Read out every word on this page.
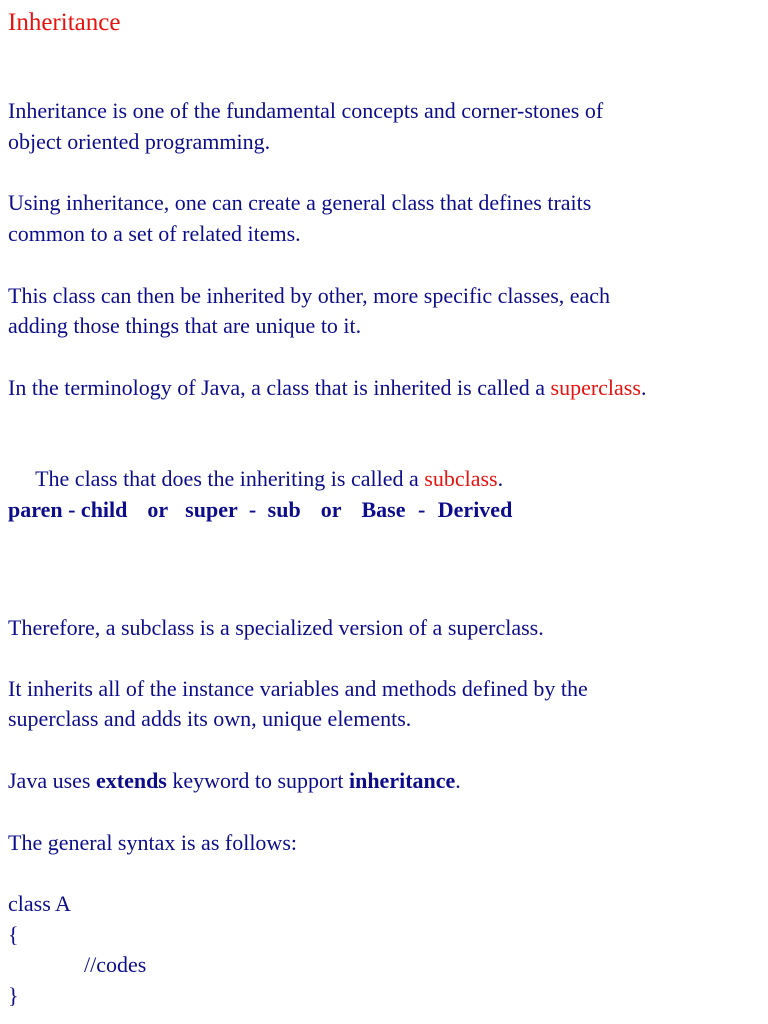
Inheritance
Inheritance is one of the fundamental concepts and corner-stones of
object oriented programming.
Using inheritance, one can create a general class that defines traits
common to a set of related items.
This class can then be inherited by other, more specific classes, each
adding those things that are unique to it.
In the terminology of Java, a class that is inherited is called a superclass.

The class that does the inheriting is called a subclass.

paren - child or super - sub or Base - Derived
Therefore, a subclass is a specialized version of a superclass.
It inherits all of the instance variables and methods defined by the
superclass and adds its own, unique elements.
Java uses extends keyword to support inheritance.
The general syntax is as follows:
class A
{
//codes
}
